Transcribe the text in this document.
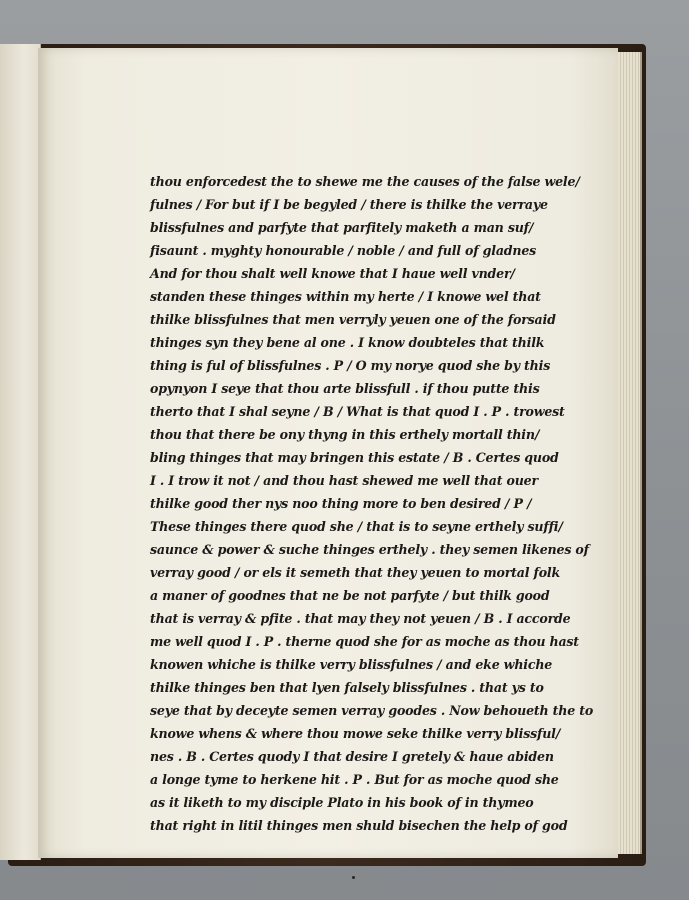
thou enforcedest the to shewe me the causes of the false wele/
fulnes / For but if I be begyled / there is thilke the verraye
blissfulnes and parfyte that parfitely maketh a man suf/
fisaunt . myghty honourable / noble / and full of gladnes
And for thou shalt well knowe that I haue well vnder/
standen these thinges within my herte / I knowe wel that
thilke blissfulnes that men verryly yeuen one of the forsaid
thinges syn they bene al one . I know doubteles that thilk
thing is ful of blissfulnes . P / O my norye quod she by this
opynyon I seye that thou arte blissfull . if thou putte this
therto that I shal seyne / B / What is that quod I . P . trowest
thou that there be ony thyng in this erthely mortall thin/
bling thinges that may bringen this estate / B . Certes quod
I . I trow it not / and thou hast shewed me well that ouer
thilke good ther nys noo thing more to ben desired / P /
These thinges there quod she / that is to seyne erthely suffi/
saunce & power & suche thinges erthely . they semen likenes of
verray good / or els it semeth that they yeuen to mortal folk
a maner of goodnes that ne be not parfyte / but thilk good
that is verray & pfite . that may they not yeuen / B . I accorde
me well quod I . P . therne quod she for as moche as thou hast
knowen whiche is thilke verry blissfulnes / and eke whiche
thilke thinges ben that lyen falsely blissfulnes . that ys to
seye that by deceyte semen verray goodes . Now behoueth the to
knowe whens & where thou mowe seke thilke verry blissful/
nes . B . Certes quody I that desire I gretely & haue abiden
a longe tyme to herkene hit . P . But for as moche quod she
as it liketh to my disciple Plato in his book of in thymeo
that right in litil thinges men shuld bisechen the help of god
